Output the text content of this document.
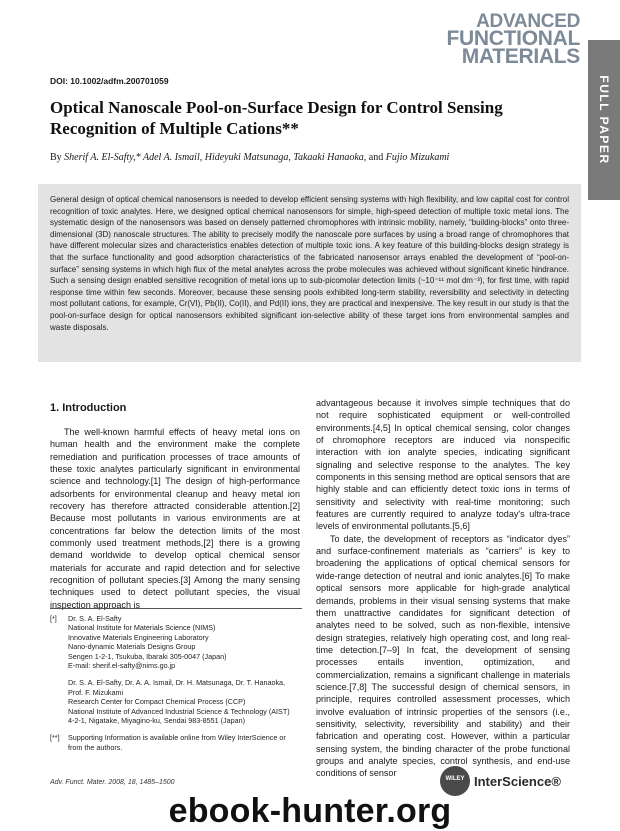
ADVANCED
FUNCTIONAL
MATERIALS
FULL PAPER
DOI: 10.1002/adfm.200701059
Optical Nanoscale Pool-on-Surface Design for Control Sensing Recognition of Multiple Cations**
By Sherif A. El-Safty,* Adel A. Ismail, Hideyuki Matsunaga, Takaaki Hanaoka, and Fujio Mizukami

General design of optical chemical nanosensors is needed to develop efficient sensing systems with high flexibility, and low capital cost for control recognition of toxic analytes. Here, we designed optical chemical nanosensors for simple, high-speed detection of multiple toxic metal ions. The systematic design of the nanosensors was based on densely patterned chromophores with intrinsic mobility, namely, “building-blocks” onto three-dimensional (3D) nanoscale structures. The ability to precisely modify the nanoscale pore surfaces by using a broad range of chromophores that have different molecular sizes and characteristics enables detection of multiple toxic ions. A key feature of this building-blocks design strategy is that the surface functionality and good adsorption characteristics of the fabricated nanosensor arrays enabled the development of “pool-on-surface” sensing systems in which high flux of the metal analytes across the probe molecules was achieved without significant kinetic hindrance. Such a sensing design enabled sensitive recognition of metal ions up to sub-picomolar detection limits (~10⁻¹¹ mol dm⁻³), for first time, with rapid response time within few seconds. Moreover, because these sensing pools exhibited long-term stability, reversibility and selectivity in detecting most pollutant cations, for example, Cr(VI), Pb(II), Co(II), and Pd(II) ions, they are practical and inexpensive. The key result in our study is that the pool-on-surface design for optical nanosensors exhibited significant ion-selective ability of these target ions from environmental samples and waste disposals.

1. Introduction

The well-known harmful effects of heavy metal ions on human health and the environment make the complete remediation and purification processes of trace amounts of these toxic analytes particularly significant in environmental science and technology.[1] The design of high-performance adsorbents for environmental cleanup and heavy metal ion recovery has therefore attracted considerable attention.[2] Because most pollutants in various environments are at concentrations far below the detection limits of the most commonly used treatment methods,[2] there is a growing demand worldwide to develop optical chemical sensor materials for accurate and rapid detection and for selective recognition of pollutant species.[3] Among the many sensing techniques used to detect pollutant species, the visual inspection approach is

advantageous because it involves simple techniques that do not require sophisticated equipment or well-controlled environments.[4,5] In optical chemical sensing, color changes of chromophore receptors are induced via nonspecific interaction with ion analyte species, indicating significant signaling and selective response to the analytes. The key components in this sensing method are optical sensors that are highly stable and can efficiently detect toxic ions in terms of sensitivity and selectivity with real-time monitoring; such features are currently required to analyze today's ultra-trace levels of environmental pollutants.[5,6]

To date, the development of receptors as “indicator dyes” and surface-confinement materials as “carriers” is key to broadening the applications of optical chemical sensors for wide-range detection of neutral and ionic analytes.[6] To make optical sensors more applicable for high-grade analytical demands, problems in their visual sensing systems that make them unattractive candidates for significant detection of analytes need to be solved, such as non-flexible, intensive design strategies, relatively high operating cost, and long real-time detection.[7–9] In fcat, the development of sensing processes entails invention, optimization, and commercialization, remains a significant challenge in materials science.[7,8] The successful design of chemical sensors, in principle, requires controlled assessment processes, which involve evaluation of intrinsic properties of the sensors (i.e., sensitivity, selectivity, reversibility and stability) and their fabrication and operating cost. However, within a particular sensing system, the binding character of the probe functional groups and analyte species, control synthesis, and end-use conditions of sensor

[*] Dr. S. A. El-Safty
National Institute for Materials Science (NIMS)
Innovative Materials Engineering Laboratory
Nano-dynamic Materials Designs Group
Sengen 1-2-1, Tsukuba, Ibaraki 305-0047 (Japan)
E-mail: sherif.el-safty@nims.go.jp
Dr. S. A. El-Safty, Dr. A. A. Ismail, Dr. H. Matsunaga, Dr. T. Hanaoka,
Prof. F. Mizukami
Research Center for Compact Chemical Process (CCP)
National Institute of Advanced Industrial Science & Technology (AIST)
4-2-1, Nigatake, Miyagino-ku, Sendai 983-8551 (Japan)
[**] Supporting Information is available online from Wiley InterScience or
from the authors.
Adv. Funct. Mater. 2008, 18, 1485–1500	WILEY InterScience®
ebook-hunter.org
